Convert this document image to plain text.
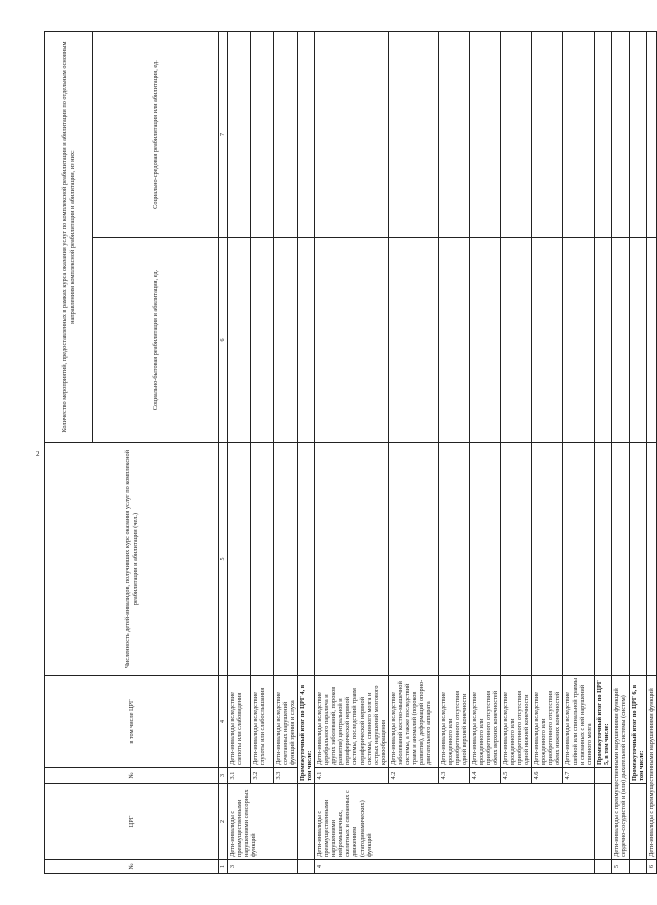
2
№	ЦРГ	№	в том числе ЦРГ	Численность детей-инвалидов, получивших курс оказания услуг по комплексной реабилитации и абилитации (чел.)	Количество мероприятий, предоставленных в рамках курса оказания услуг по комплексной реабилитации и абилитации по отдельным основным направлениям комплексной реабилитации и абилитации, из них:	
					Социально-бытовая реабилитация и абилитация, ед.	Социально-средовая реабилитация или абилитация, ед.
1	2	3	4	5	6	7
3	Дети-инвалиды с преимущественными нарушениями сенсорных функций	3.1	Дети-инвалиды вследствие слепоты или слабовидения			
		3.2	Дети-инвалиды вследствие глухоты или слабослышания			
		3.3	Дети-инвалиды вследствие сочетанных нарушений функций зрения и слуха			
		Промежуточный итог по ЦРГ 4, в том числе:				
4	Дети-инвалиды с преимущественными нарушениями нейромышечных, скелетных и связанных с движением (статодинамических) функций	4.1	Дети-инвалиды вследствие церебрального паралича и других заболеваний, пороков развития) центральной и периферической нервной системы, последствий травм периферической нервной системы, спинного мозга и острых нарушений мозгового кровообращения			
		4.2	Дети-инвалиды вследствие заболеваний костно-мышечной системы, а также последствий травм и аномалий (пороков развития), деформаций опорно-двигательного аппарата			
		4.3	Дети-инвалиды вследствие врожденного или приобретенного отсутствия одной верхней конечности			
		4.4	Дети-инвалиды вследствие врожденного или приобретенного отсутствия обеих верхних конечностей			
		4.5	Дети-инвалиды вследствие врожденного или приобретенного отсутствия одной нижней конечности			
		4.6	Дети-инвалиды вследствие врожденного или приобретенного отсутствия обеих нижних конечностей			
		4.7	Дети-инвалиды вследствие шейной или спинальной травмы и связанных с ней нарушений спинного мозга			
			Промежуточный итог по ЦРГ 5, в том числе:			
5	Дети-инвалиды с преимущественными нарушениями функций сердечно-сосудистой и (или) дыхательной системы (систем)					
		Промежуточный итог по ЦРГ 6, в том числе:				
6	Дети-инвалиды с преимущественными нарушениями функций					
